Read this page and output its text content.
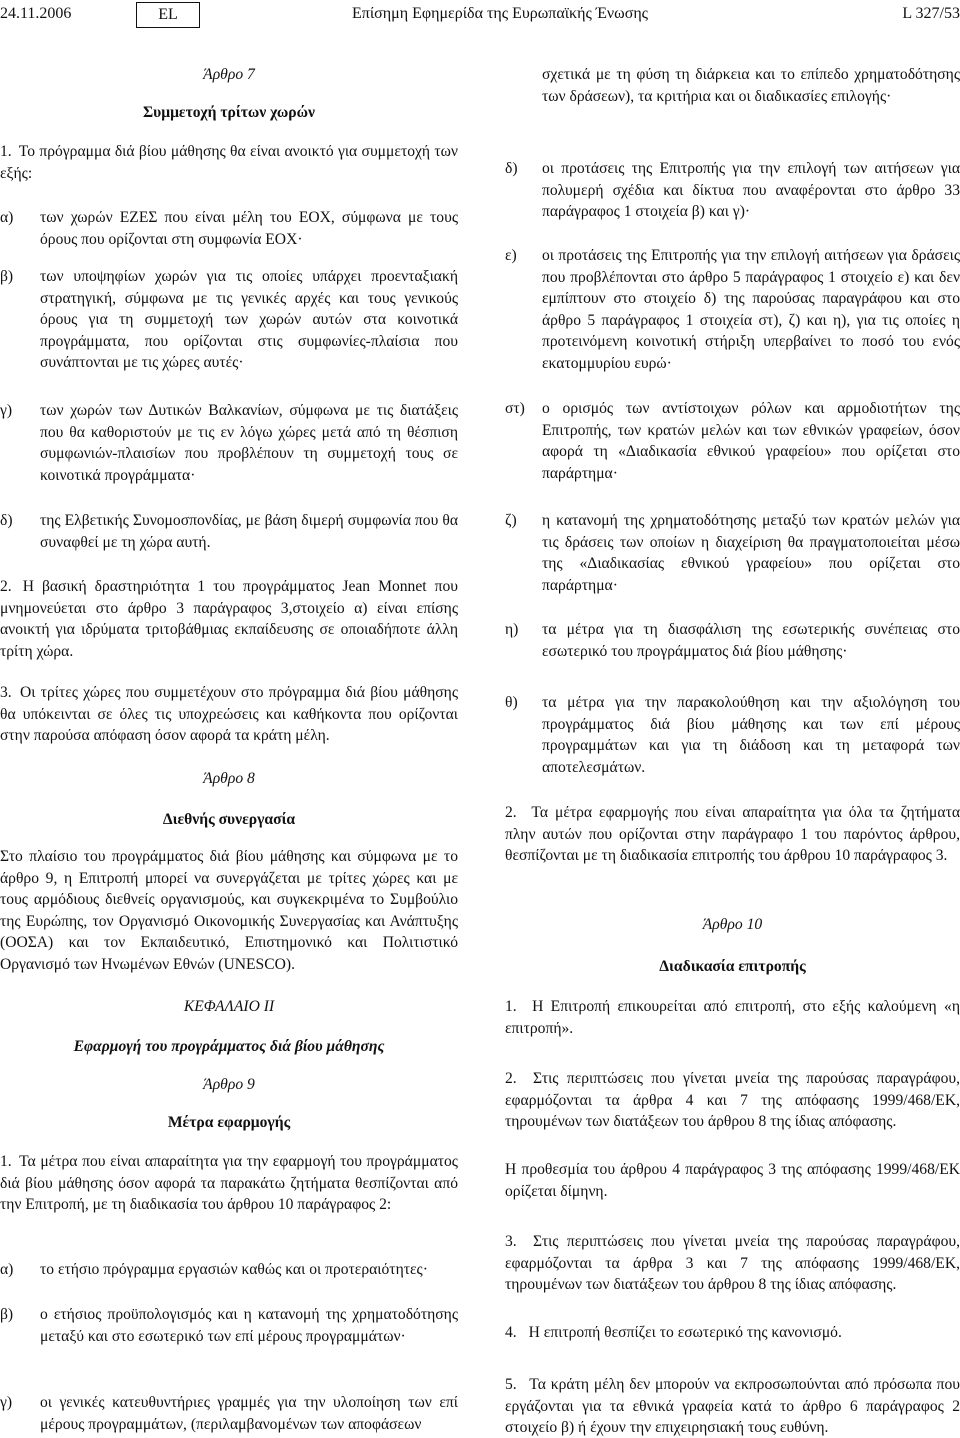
24.11.2006	EL	Επίσημη Εφημερίδα της Ευρωπαϊκής Ένωσης	L 327/53
Άρθρο 7
Συμμετοχή τρίτων χωρών
1. Το πρόγραμμα διά βίου μάθησης θα είναι ανοικτό για συμμετοχή των εξής:
α) των χωρών ΕΖΕΣ που είναι μέλη του ΕΟΧ, σύμφωνα με τους όρους που ορίζονται στη συμφωνία ΕΟΧ·
β) των υποψηφίων χωρών για τις οποίες υπάρχει προενταξιακή στρατηγική, σύμφωνα με τις γενικές αρχές και τους γενικούς όρους για τη συμμετοχή των χωρών αυτών στα κοινοτικά προγράμματα, που ορίζονται στις συμφωνίες-πλαίσια που συνάπτονται με τις χώρες αυτές·
γ) των χωρών των Δυτικών Βαλκανίων, σύμφωνα με τις διατάξεις που θα καθοριστούν με τις εν λόγω χώρες μετά από τη θέσπιση συμφωνιών-πλαισίων που προβλέπουν τη συμμετοχή τους σε κοινοτικά προγράμματα·
δ) της Ελβετικής Συνομοσπονδίας, με βάση διμερή συμφωνία που θα συναφθεί με τη χώρα αυτή.
2. Η βασική δραστηριότητα 1 του προγράμματος Jean Monnet που μνημονεύεται στο άρθρο 3 παράγραφος 3,στοιχείο α) είναι επίσης ανοικτή για ιδρύματα τριτοβάθμιας εκπαίδευσης σε οποιαδήποτε άλλη τρίτη χώρα.
3. Οι τρίτες χώρες που συμμετέχουν στο πρόγραμμα διά βίου μάθησης θα υπόκεινται σε όλες τις υποχρεώσεις και καθήκοντα που ορίζονται στην παρούσα απόφαση όσον αφορά τα κράτη μέλη.
Άρθρο 8
Διεθνής συνεργασία
Στο πλαίσιο του προγράμματος διά βίου μάθησης και σύμφωνα με το άρθρο 9, η Επιτροπή μπορεί να συνεργάζεται με τρίτες χώρες και με τους αρμόδιους διεθνείς οργανισμούς, και συγκεκριμένα το Συμβούλιο της Ευρώπης, τον Οργανισμό Οικονομικής Συνεργασίας και Ανάπτυξης (ΟΟΣΑ) και τον Εκπαιδευτικό, Επιστημονικό και Πολιτιστικό Οργανισμό των Ηνωμένων Εθνών (UNESCO).
ΚΕΦΑΛΑΙΟ II
Εφαρμογή του προγράμματος διά βίου μάθησης
Άρθρο 9
Μέτρα εφαρμογής
1. Τα μέτρα που είναι απαραίτητα για την εφαρμογή του προγράμματος διά βίου μάθησης όσον αφορά τα παρακάτω ζητήματα θεσπίζονται από την Επιτροπή, με τη διαδικασία του άρθρου 10 παράγραφος 2:
α) το ετήσιο πρόγραμμα εργασιών καθώς και οι προτεραιότητες·
β) ο ετήσιος προϋπολογισμός και η κατανομή της χρηματοδότησης μεταξύ και στο εσωτερικό των επί μέρους προγραμμάτων·
γ) οι γενικές κατευθυντήριες γραμμές για την υλοποίηση των επί μέρους προγραμμάτων, (περιλαμβανομένων των αποφάσεων
σχετικά με τη φύση τη διάρκεια και το επίπεδο χρηματοδότησης των δράσεων), τα κριτήρια και οι διαδικασίες επιλογής·
δ) οι προτάσεις της Επιτροπής για την επιλογή των αιτήσεων για πολυμερή σχέδια και δίκτυα που αναφέρονται στο άρθρο 33 παράγραφος 1 στοιχεία β) και γ)·
ε) οι προτάσεις της Επιτροπής για την επιλογή αιτήσεων για δράσεις που προβλέπονται στο άρθρο 5 παράγραφος 1 στοιχείο ε) και δεν εμπίπτουν στο στοιχείο δ) της παρούσας παραγράφου και στο άρθρο 5 παράγραφος 1 στοιχεία στ), ζ) και η), για τις οποίες η προτεινόμενη κοινοτική στήριξη υπερβαίνει το ποσό του ενός εκατομμυρίου ευρώ·
στ) ο ορισμός των αντίστοιχων ρόλων και αρμοδιοτήτων της Επιτροπής, των κρατών μελών και των εθνικών γραφείων, όσον αφορά τη «Διαδικασία εθνικού γραφείου» που ορίζεται στο παράρτημα·
ζ) η κατανομή της χρηματοδότησης μεταξύ των κρατών μελών για τις δράσεις των οποίων η διαχείριση θα πραγματοποιείται μέσω της «Διαδικασίας εθνικού γραφείου» που ορίζεται στο παράρτημα·
η) τα μέτρα για τη διασφάλιση της εσωτερικής συνέπειας στο εσωτερικό του προγράμματος διά βίου μάθησης·
θ) τα μέτρα για την παρακολούθηση και την αξιολόγηση του προγράμματος διά βίου μάθησης και των επί μέρους προγραμμάτων και για τη διάδοση και τη μεταφορά των αποτελεσμάτων.
2. Τα μέτρα εφαρμογής που είναι απαραίτητα για όλα τα ζητήματα πλην αυτών που ορίζονται στην παράγραφο 1 του παρόντος άρθρου, θεσπίζονται με τη διαδικασία επιτροπής του άρθρου 10 παράγραφος 3.
Άρθρο 10
Διαδικασία επιτροπής
1. Η Επιτροπή επικουρείται από επιτροπή, στο εξής καλούμενη «η επιτροπή».
2. Στις περιπτώσεις που γίνεται μνεία της παρούσας παραγράφου, εφαρμόζονται τα άρθρα 4 και 7 της απόφασης 1999/468/ΕΚ, τηρουμένων των διατάξεων του άρθρου 8 της ίδιας απόφασης.
Η προθεσμία του άρθρου 4 παράγραφος 3 της απόφασης 1999/468/ΕΚ ορίζεται δίμηνη.
3. Στις περιπτώσεις που γίνεται μνεία της παρούσας παραγράφου, εφαρμόζονται τα άρθρα 3 και 7 της απόφασης 1999/468/ΕΚ, τηρουμένων των διατάξεων του άρθρου 8 της ίδιας απόφασης.
4. Η επιτροπή θεσπίζει το εσωτερικό της κανονισμό.
5. Τα κράτη μέλη δεν μπορούν να εκπροσωπούνται από πρόσωπα που εργάζονται για τα εθνικά γραφεία κατά το άρθρο 6 παράγραφος 2 στοιχείο β) ή έχουν την επιχειρησιακή τους ευθύνη.
